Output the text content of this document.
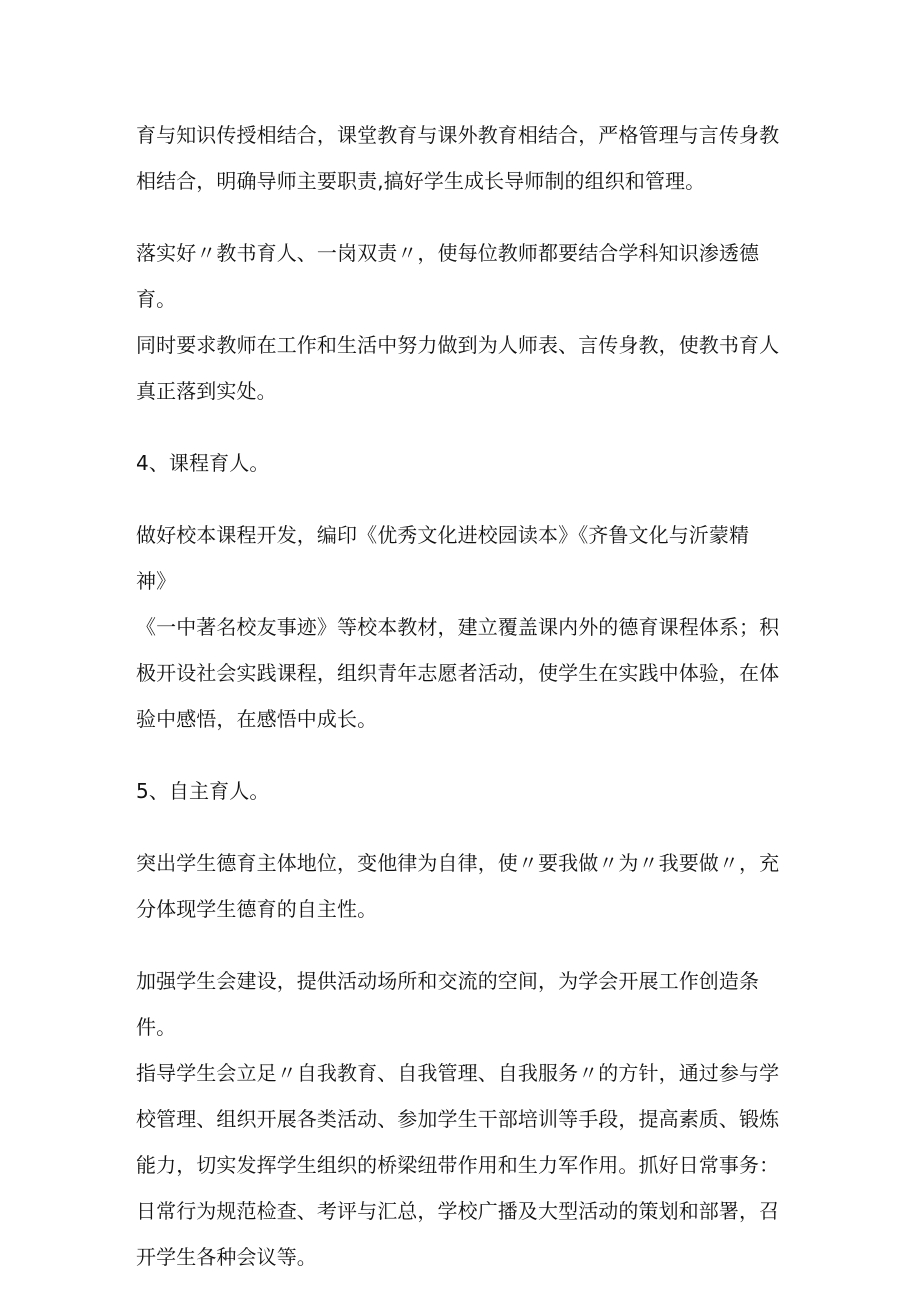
育与知识传授相结合，课堂教育与课外教育相结合，严格管理与言传身教
相结合，明确导师主要职责,搞好学生成长导师制的组织和管理。

落实好〃教书育人、一岗双责〃，使每位教师都要结合学科知识渗透德育。
同时要求教师在工作和生活中努力做到为人师表、言传身教，使教书育人
真正落到实处。

4、课程育人。

做好校本课程开发，编印《优秀文化进校园读本》《齐鲁文化与沂蒙精神》
《一中著名校友事迹》等校本教材，建立覆盖课内外的德育课程体系；积
极开设社会实践课程，组织青年志愿者活动，使学生在实践中体验，在体
验中感悟，在感悟中成长。

5、自主育人。

突出学生德育主体地位，变他律为自律，使〃要我做〃为〃我要做〃，充
分体现学生德育的自主性。

加强学生会建设，提供活动场所和交流的空间，为学会开展工作创造条件。
指导学生会立足〃自我教育、自我管理、自我服务〃的方针，通过参与学
校管理、组织开展各类活动、参加学生干部培训等手段，提高素质、锻炼
能力，切实发挥学生组织的桥梁纽带作用和生力军作用。抓好日常事务：
日常行为规范检查、考评与汇总，学校广播及大型活动的策划和部署，召
开学生各种会议等。
